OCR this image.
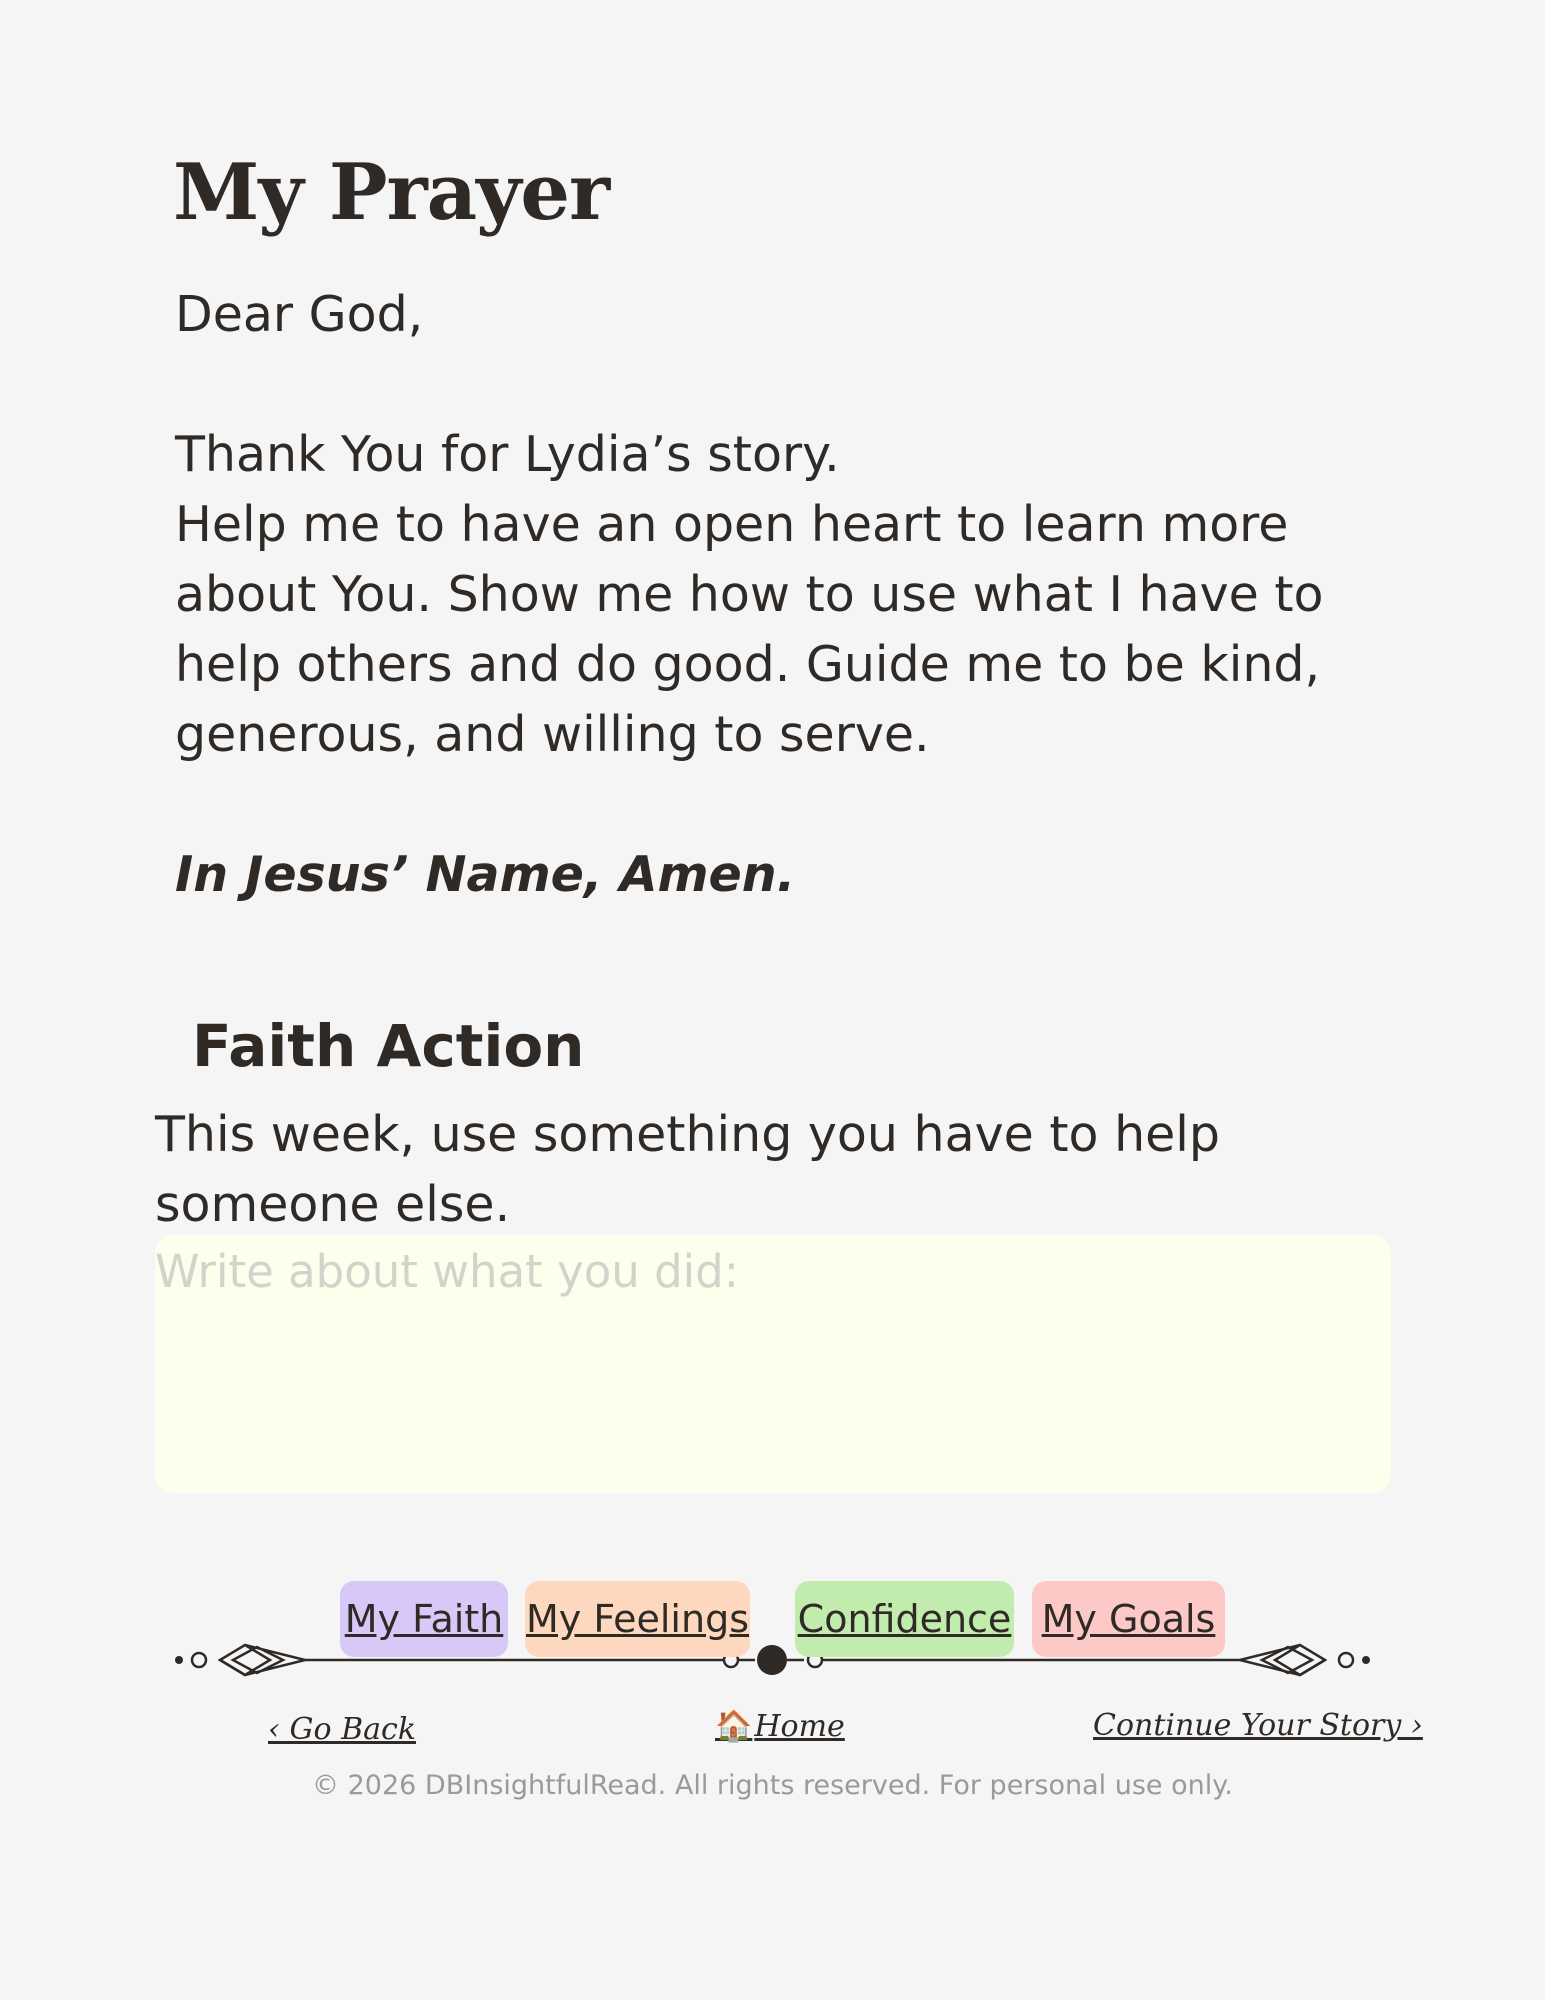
My Prayer

Dear God,

Thank You for Lydia’s story.

Help me to have an open heart to learn more about You. Show me how to use what I have to help others and do good. Guide me to be kind, generous, and willing to serve.

In Jesus’ Name, Amen.

Faith Action

This week, use something you have to help someone else.

Write about what you did:
My Faith My Feelings Confidence My Goals
‹ Go Back	🏠Home	Continue Your Story ›
© 2026 DBInsightfulRead. All rights reserved. For personal use only.
